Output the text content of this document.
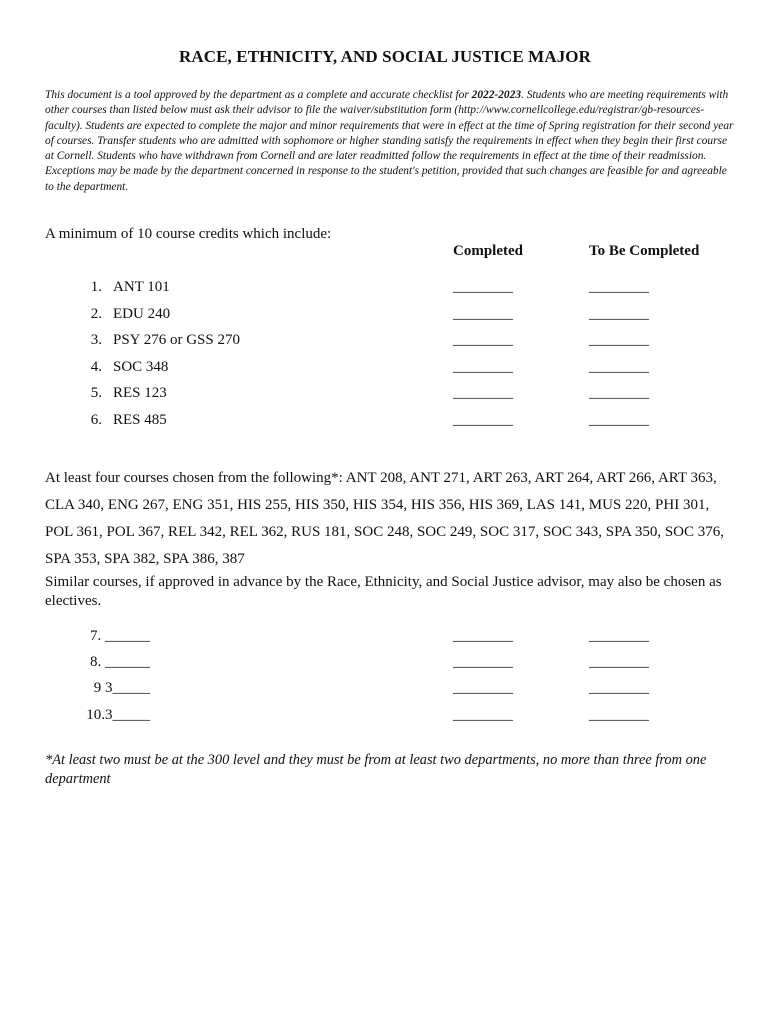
RACE, ETHNICITY, AND SOCIAL JUSTICE MAJOR
This document is a tool approved by the department as a complete and accurate checklist for 2022-2023. Students who are meeting requirements with other courses than listed below must ask their advisor to file the waiver/substitution form (http://www.cornellcollege.edu/registrar/gb-resources-faculty). Students are expected to complete the major and minor requirements that were in effect at the time of Spring registration for their second year of courses. Transfer students who are admitted with sophomore or higher standing satisfy the requirements in effect when they begin their first course at Cornell. Students who have withdrawn from Cornell and are later readmitted follow the requirements in effect at the time of their readmission. Exceptions may be made by the department concerned in response to the student's petition, provided that such changes are feasible for and agreeable to the department.
A minimum of 10 course credits which include:
Completed	To Be Completed
1. ANT 101	________	________
2. EDU 240	________	________
3. PSY 276 or GSS 270	________	________
4. SOC 348	________	________
5. RES 123	________	________
6. RES 485	________	________
At least four courses chosen from the following*: ANT 208, ANT 271, ART 263, ART 264, ART 266, ART 363, CLA 340, ENG 267, ENG 351, HIS 255, HIS 350, HIS 354, HIS 356, HIS 369, LAS 141, MUS 220, PHI 301, POL 361, POL 367, REL 342, REL 362, RUS 181, SOC 248, SOC 249, SOC 317, SOC 343, SPA 350, SOC 376, SPA 353, SPA 382, SPA 386, 387
Similar courses, if approved in advance by the Race, Ethnicity, and Social Justice advisor, may also be chosen as electives.
7. ______	________	________
8. ______	________	________
9 3_____	________	________
10.3_____	________	________
*At least two must be at the 300 level and they must be from at least two departments, no more than three from one department
